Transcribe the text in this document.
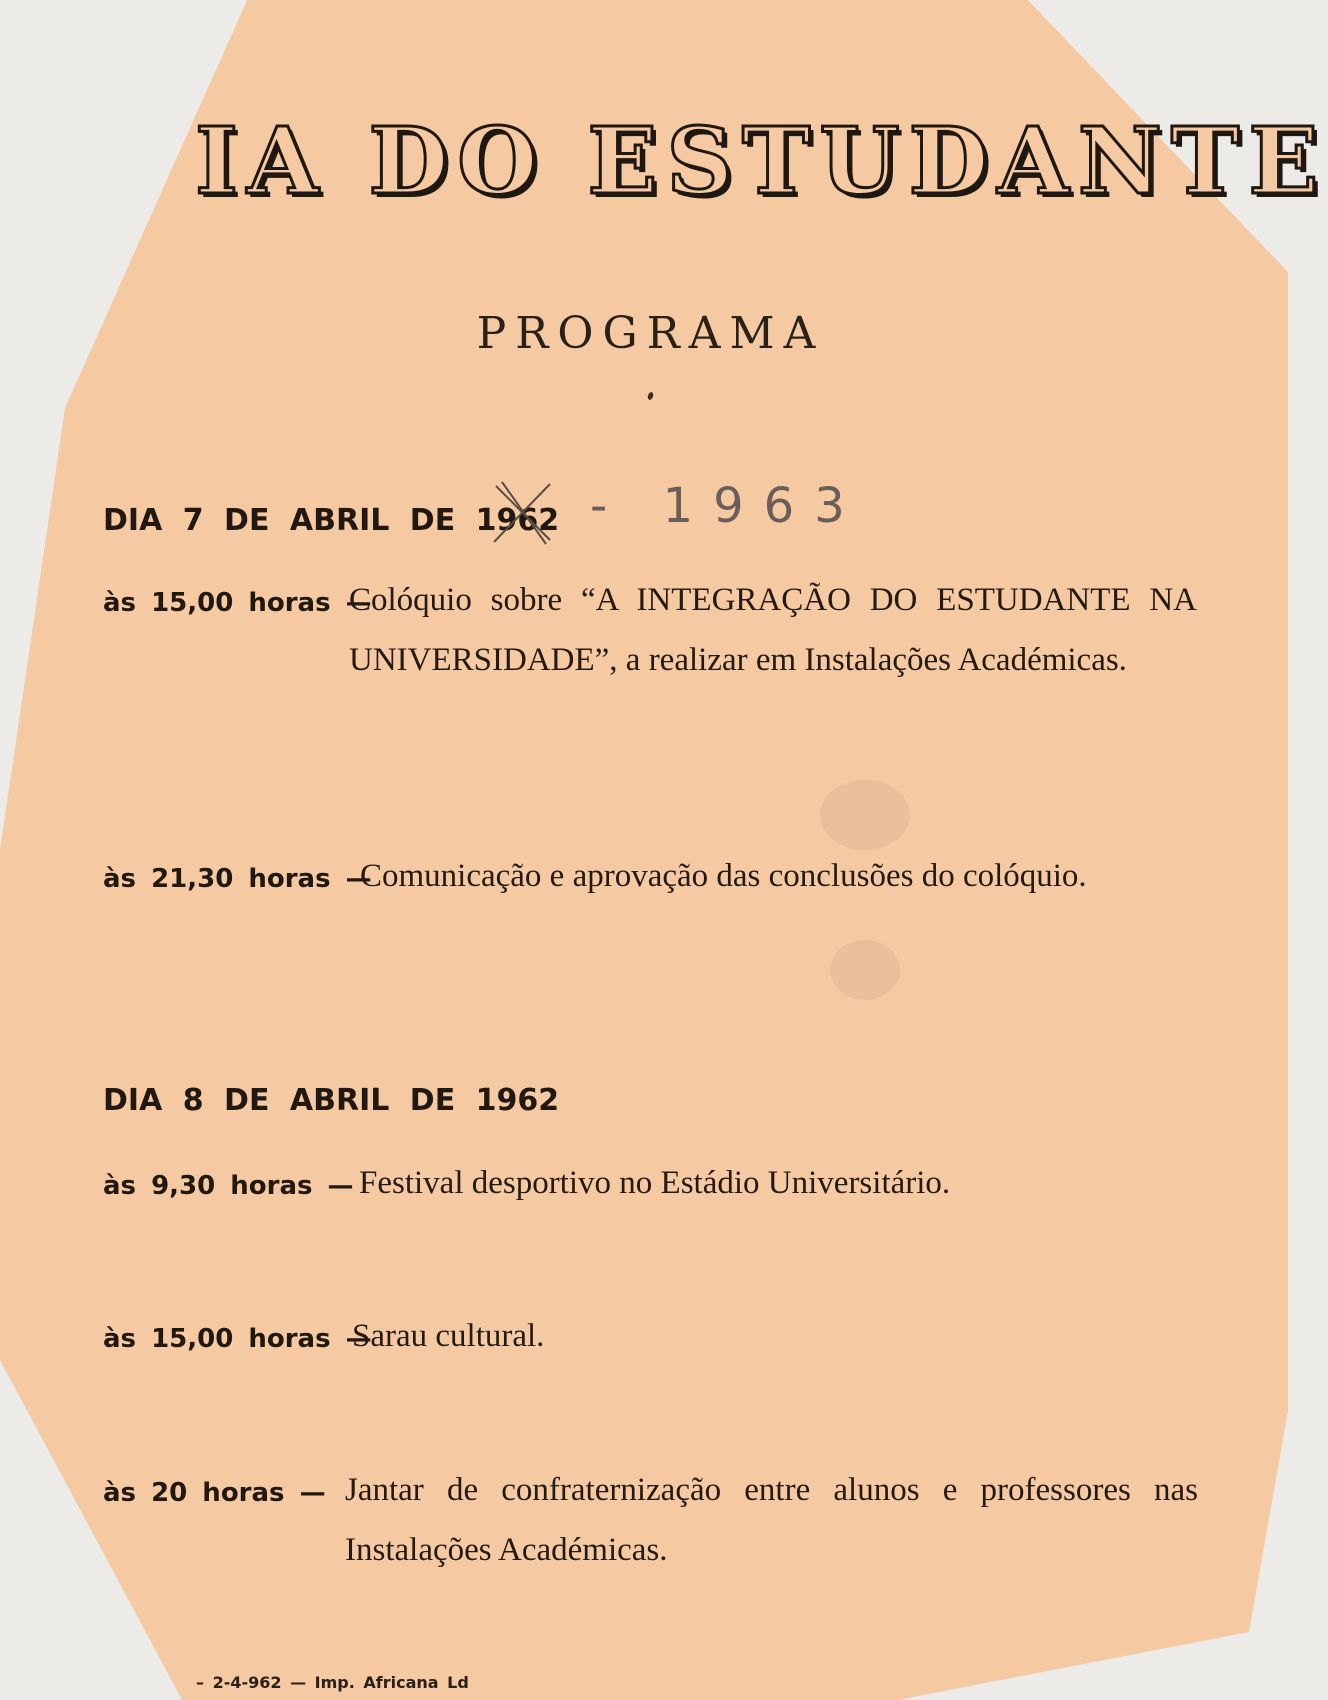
IA DO ESTUDANTE
PROGRAMA
DIA 7 DE ABRIL DE 1962 - 1963
às 15,00 horas —
Colóquio sobre “A INTEGRAÇÃO DO ESTUDANTE NA UNIVERSIDADE”, a realizar em Instalações Académicas.
às 21,30 horas —
Comunicação e aprovação das conclusões do colóquio.
DIA 8 DE ABRIL DE 1962
às 9,30 horas — Festival desportivo no Estádio Universitário.
às 15,00 horas —
Sarau cultural.
às 20 horas — Jantar de confraternização entre alunos e professores nas Instalações Académicas.
– 2-4-962 — Imp. Africana Ld
